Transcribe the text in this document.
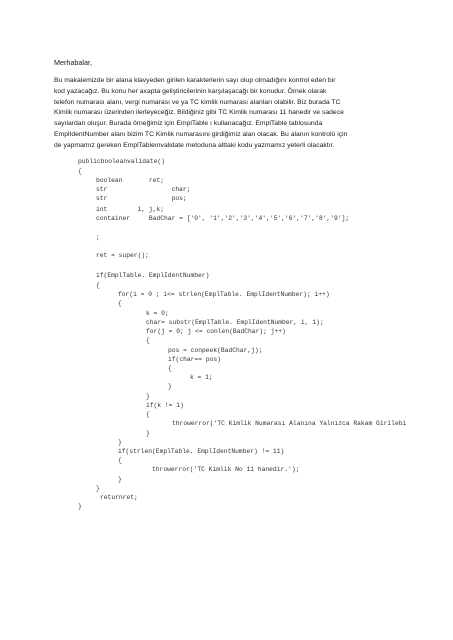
Merhabalar,
Bu makalemizde bir alana klavyeden girilen karakterlerin sayı olup olmadığını kontrol eden bir
kod yazacağız. Bu konu her axapta geliştiricilerinin karşılaşacağı bir konudur. Örnek olarak
telefon numarası alanı, vergi numarası ve ya TC kimlik numarası alanları olabilir. Biz burada TC
Kimlik numarası üzerinden ilerleyeceğiz. Bildiğiniz gibi TC Kimlik numarası 11 hanedir ve sadece
sayılardan oluşur. Burada örneğimiz için EmplTable ı kullanacağız. EmplTable tablosunda
EmplIdentNumber alanı bizim TC Kimlik numarasını girdiğimiz alan olacak. Bu alanın kontrolü için
de yapmamız gereken EmplTableınvalidate metoduna alttaki kodu yazmamız yeterli olacaktır.
publicbooleanvalidate()
{
boolean       ret;
str                 char;
str                 pos;
int        i, j,k;
container     BadChar = ['0', '1','2','3','4','5','6','7','8','9'];
;
ret = super();
if(EmplTable. EmplIdentNumber)
{
for(i = 0 ; i<= strlen(EmplTable. EmplIdentNumber); i++)
{
k = 0;
char= substr(EmplTable. EmplIdentNumber, i, 1);
for(j = 0; j <= conlen(BadChar); j++)
{
pos = conpeek(BadChar,j);
if(char== pos)
{
k = 1;
}
}
if(k != 1)
{
throwerror('TC Kimlik Numarası Alanına Yalnızca Rakam Girilebi
}
}
if(strlen(EmplTable. EmplIdentNumber) != 11)
{
throwerror('TC Kimlik No 11 hanedir.');
}
}
returnret;
}
